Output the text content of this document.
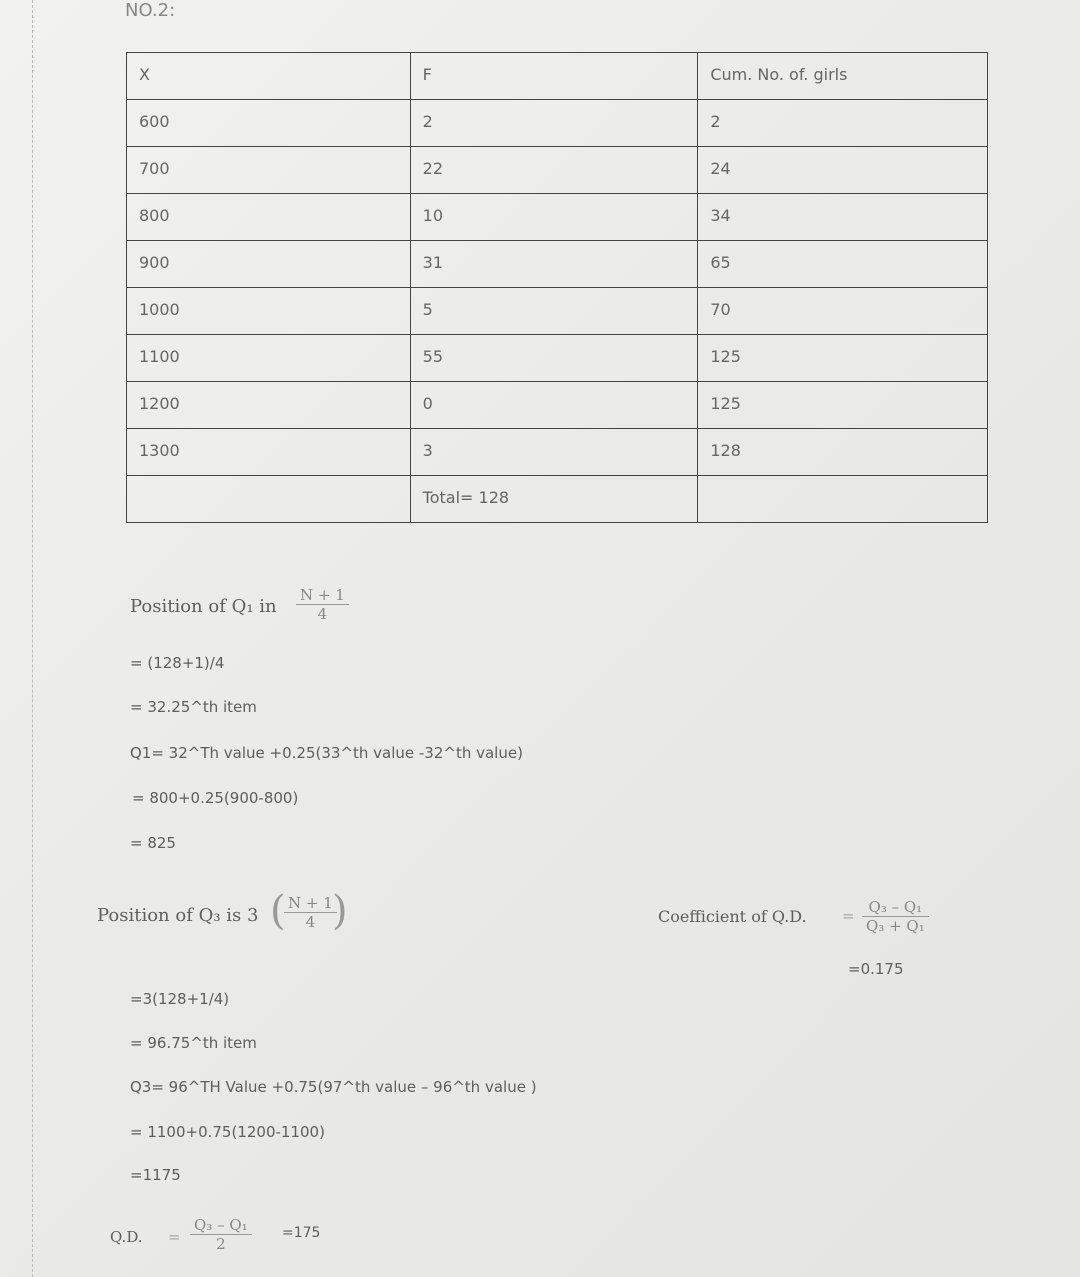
NO.2:
X	F	Cum. No. of. girls
600	2	2
700	22	24
800	10	34
900	31	65
1000	5	70
1100	55	125
1200	0	125
1300	3	128
	Total= 128	
Position of Q₁ in $\frac{N + 1}{4}$
= (128+1)/4
= 32.25^th item
Q1= 32^Th value +0.25(33^th value -32^th value)
= 800+0.25(900-800)
= 825
Position of Q₃ is 3 (
$\frac{N + 1}{4}$
)
=3(128+1/4)
= 96.75^th item
Q3= 96^TH Value +0.75(97^th value – 96^th value )
= 1100+0.75(1200-1100)
=1175
Coefficient of Q.D. = $\frac{\text{Q₃ – Q₁}}{\text{Q₃ + Q₁}}$
=0.175
Q.D. = $\frac{\text{Q₃ – Q₁}}{2} =175$
